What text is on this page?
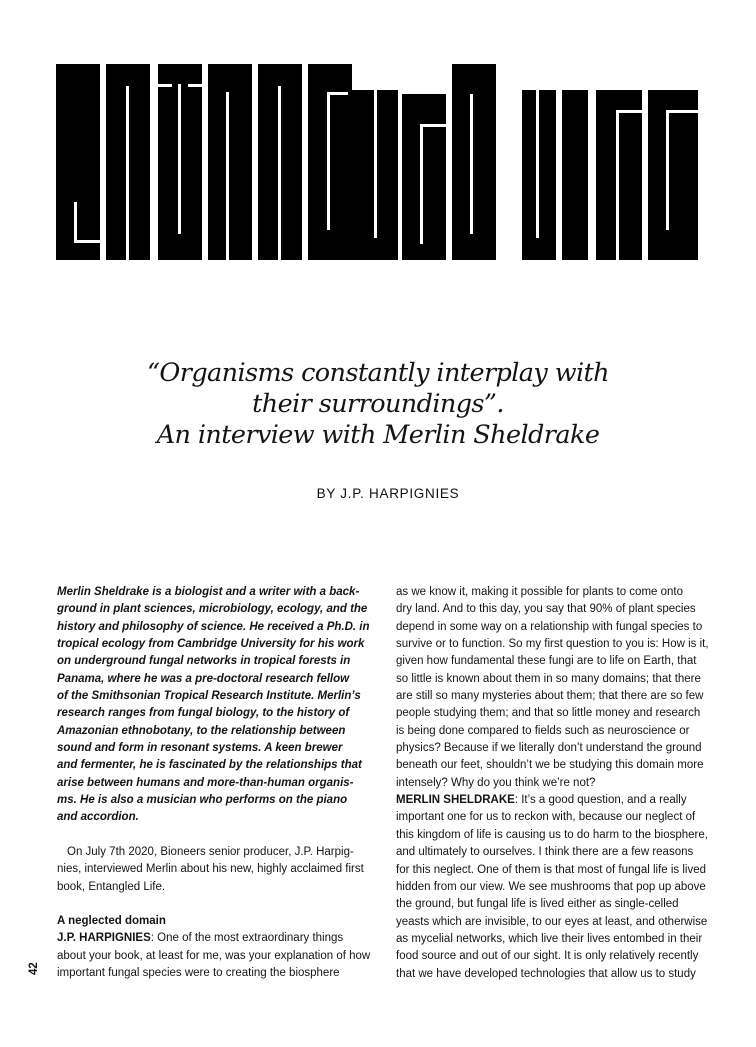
“Organisms constantly interplay with
their surroundings”.
An interview with Merlin Sheldrake
BY J.P. HARPIGNIES
Merlin Sheldrake is a biologist and a writer with a back-
ground in plant sciences, microbiology, ecology, and the
history and philosophy of science. He received a Ph.D. in
tropical ecology from Cambridge University for his work
on underground fungal networks in tropical forests in
Panama, where he was a pre-doctoral research fellow
of the Smithsonian Tropical Research Institute. Merlin’s
research ranges from fungal biology, to the history of
Amazonian ethnobotany, to the relationship between
sound and form in resonant systems. A keen brewer
and fermenter, he is fascinated by the relationships that
arise between humans and more-than-human organis-
ms. He is also a musician who performs on the piano
and accordion.
On July 7th 2020, Bioneers senior producer, J.P. Harpig-
nies, interviewed Merlin about his new, highly acclaimed first
book, Entangled Life.
A neglected domain
J.P. HARPIGNIES: One of the most extraordinary things
about your book, at least for me, was your explanation of how
important fungal species were to creating the biosphere
as we know it, making it possible for plants to come onto
dry land. And to this day, you say that 90% of plant species
depend in some way on a relationship with fungal species to
survive or to function. So my first question to you is: How is it,
given how fundamental these fungi are to life on Earth, that
so little is known about them in so many domains; that there
are still so many mysteries about them; that there are so few
people studying them; and that so little money and research
is being done compared to fields such as neuroscience or
physics? Because if we literally don’t understand the ground
beneath our feet, shouldn’t we be studying this domain more
intensely? Why do you think we’re not?
MERLIN SHELDRAKE: It’s a good question, and a really
important one for us to reckon with, because our neglect of
this kingdom of life is causing us to do harm to the biosphere,
and ultimately to ourselves. I think there are a few reasons
for this neglect. One of them is that most of fungal life is lived
hidden from our view. We see mushrooms that pop up above
the ground, but fungal life is lived either as single-celled
yeasts which are invisible, to our eyes at least, and otherwise
as mycelial networks, which live their lives entombed in their
food source and out of our sight. It is only relatively recently
that we have developed technologies that allow us to study
42
